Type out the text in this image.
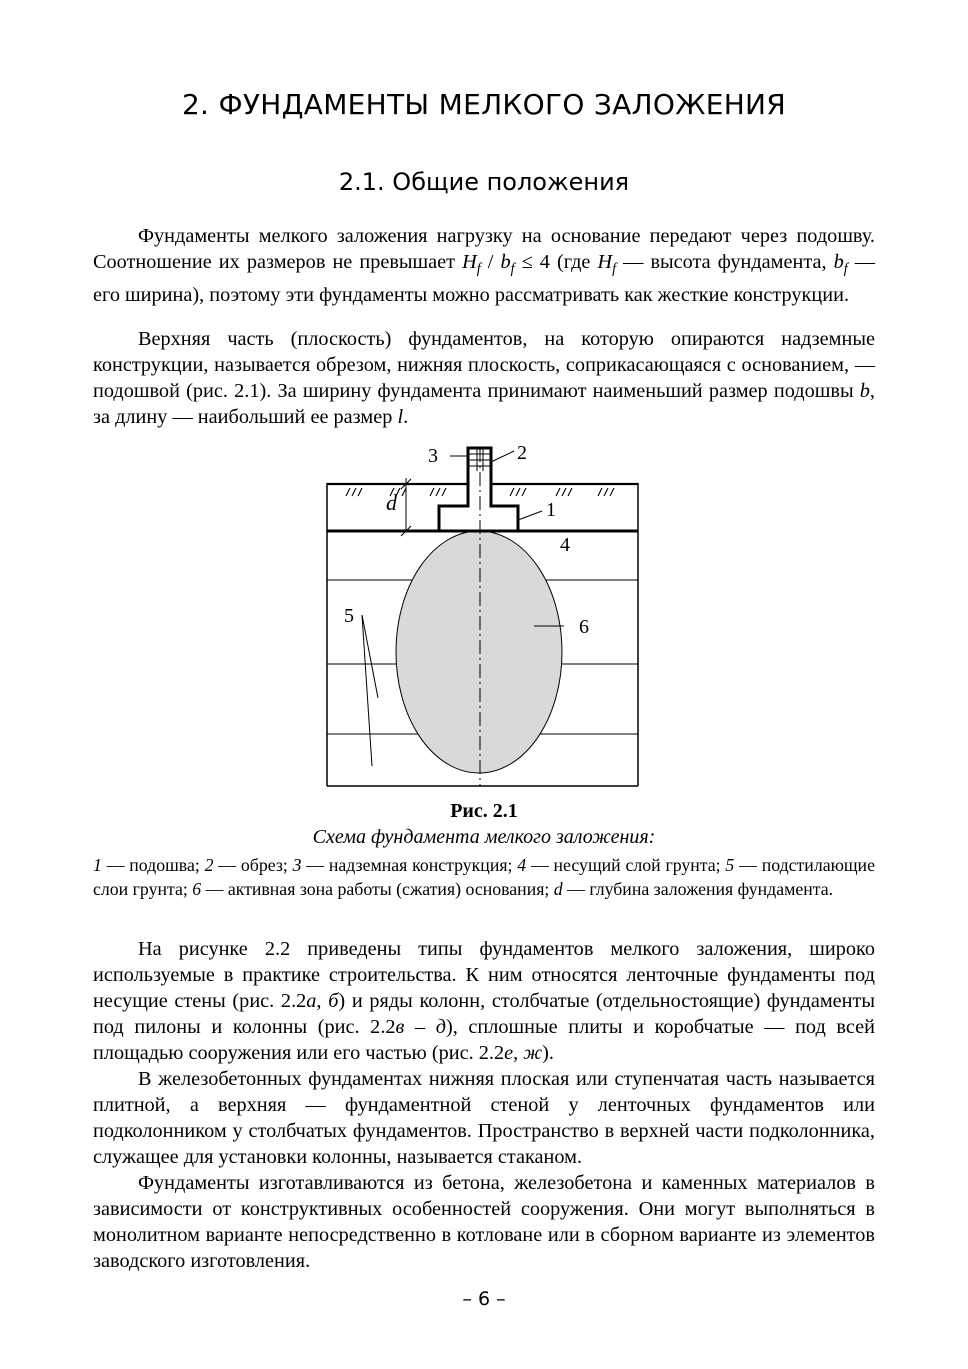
2. ФУНДАМЕНТЫ МЕЛКОГО ЗАЛОЖЕНИЯ
2.1. Общие положения

Фундаменты мелкого заложения нагрузку на основание передают через подошву. Соотношение их размеров не превышает $H_f / b_f \le 4$ (где $H_f$ — высота фундамента, $b_f$ — его ширина), поэтому эти фундаменты можно рассматривать как жесткие конструкции.

Верхняя часть (плоскость) фундаментов, на которую опираются надземные конструкции, называется обрезом, нижняя плоскость, соприкасающаяся с основанием, — подошвой (рис. 2.1). За ширину фундамента принимают наименьший размер подошвы b, за длину — наибольший ее размер l.

3	2
1
4
5	6
d

Рис. 2.1

Схема фундамента мелкого заложения:

1 — подошва; 2 — обрез; 3 — надземная конструкция; 4 — несущий слой грунта; 5 — подстилающие слои грунта; 6 — активная зона работы (сжатия) основания; d — глубина заложения фундамента.

На рисунке 2.2 приведены типы фундаментов мелкого заложения, широко используемые в практике строительства. К ним относятся ленточные фундаменты под несущие стены (рис. 2.2а, б) и ряды колонн, столбчатые (отдельностоящие) фундаменты под пилоны и колонны (рис. 2.2в – д), сплошные плиты и коробчатые — под всей площадью сооружения или его частью (рис. 2.2е, ж).

В железобетонных фундаментах нижняя плоская или ступенчатая часть называется плитной, а верхняя — фундаментной стеной у ленточных фундаментов или подколонником у столбчатых фундаментов. Пространство в верхней части подколонника, служащее для установки колонны, называется стаканом.

Фундаменты изготавливаются из бетона, железобетона и каменных материалов в зависимости от конструктивных особенностей сооружения. Они могут выполняться в монолитном варианте непосредственно в котловане или в сборном варианте из элементов заводского изготовления.

– 6 –
